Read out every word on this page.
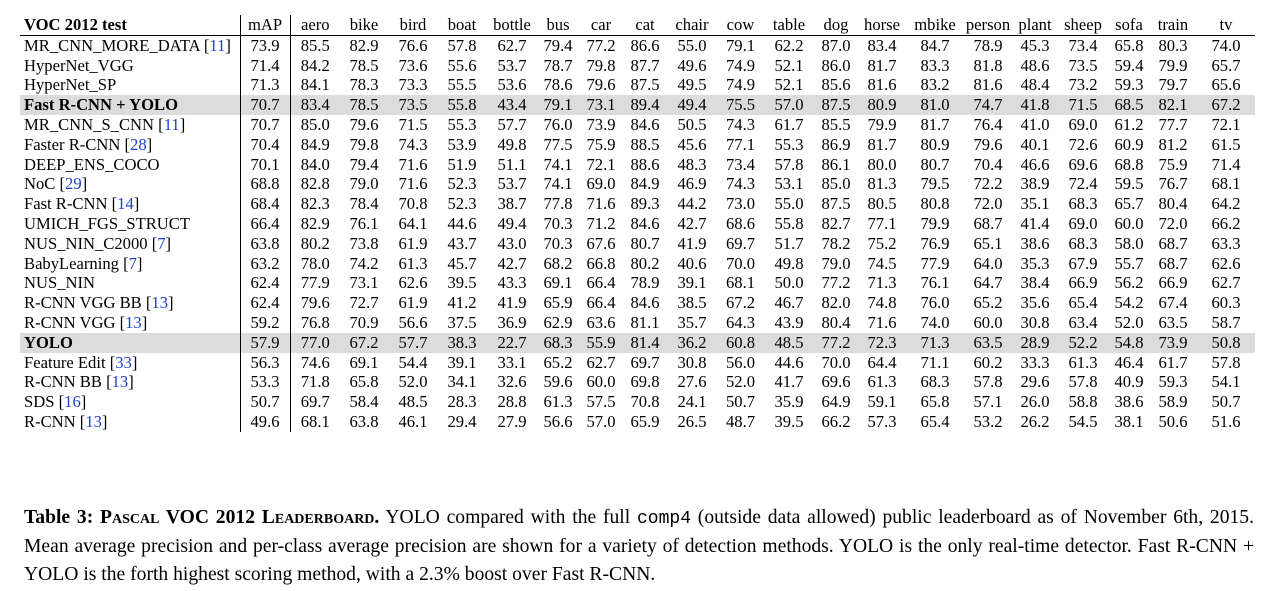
VOC 2012 test	mAP	aero	bike	bird	boat	bottle	bus	car	cat	chair	cow	table	dog	horse	mbike	person	plant	sheep	sofa	train	tv
MR_CNN_MORE_DATA [11]	73.9	85.5	82.9	76.6	57.8	62.7	79.4	77.2	86.6	55.0	79.1	62.2	87.0	83.4	84.7	78.9	45.3	73.4	65.8	80.3	74.0
HyperNet_VGG	71.4	84.2	78.5	73.6	55.6	53.7	78.7	79.8	87.7	49.6	74.9	52.1	86.0	81.7	83.3	81.8	48.6	73.5	59.4	79.9	65.7
HyperNet_SP	71.3	84.1	78.3	73.3	55.5	53.6	78.6	79.6	87.5	49.5	74.9	52.1	85.6	81.6	83.2	81.6	48.4	73.2	59.3	79.7	65.6
Fast R-CNN + YOLO	70.7	83.4	78.5	73.5	55.8	43.4	79.1	73.1	89.4	49.4	75.5	57.0	87.5	80.9	81.0	74.7	41.8	71.5	68.5	82.1	67.2
MR_CNN_S_CNN [11]	70.7	85.0	79.6	71.5	55.3	57.7	76.0	73.9	84.6	50.5	74.3	61.7	85.5	79.9	81.7	76.4	41.0	69.0	61.2	77.7	72.1
Faster R-CNN [28]	70.4	84.9	79.8	74.3	53.9	49.8	77.5	75.9	88.5	45.6	77.1	55.3	86.9	81.7	80.9	79.6	40.1	72.6	60.9	81.2	61.5
DEEP_ENS_COCO	70.1	84.0	79.4	71.6	51.9	51.1	74.1	72.1	88.6	48.3	73.4	57.8	86.1	80.0	80.7	70.4	46.6	69.6	68.8	75.9	71.4
NoC [29]	68.8	82.8	79.0	71.6	52.3	53.7	74.1	69.0	84.9	46.9	74.3	53.1	85.0	81.3	79.5	72.2	38.9	72.4	59.5	76.7	68.1
Fast R-CNN [14]	68.4	82.3	78.4	70.8	52.3	38.7	77.8	71.6	89.3	44.2	73.0	55.0	87.5	80.5	80.8	72.0	35.1	68.3	65.7	80.4	64.2
UMICH_FGS_STRUCT	66.4	82.9	76.1	64.1	44.6	49.4	70.3	71.2	84.6	42.7	68.6	55.8	82.7	77.1	79.9	68.7	41.4	69.0	60.0	72.0	66.2
NUS_NIN_C2000 [7]	63.8	80.2	73.8	61.9	43.7	43.0	70.3	67.6	80.7	41.9	69.7	51.7	78.2	75.2	76.9	65.1	38.6	68.3	58.0	68.7	63.3
BabyLearning [7]	63.2	78.0	74.2	61.3	45.7	42.7	68.2	66.8	80.2	40.6	70.0	49.8	79.0	74.5	77.9	64.0	35.3	67.9	55.7	68.7	62.6
NUS_NIN	62.4	77.9	73.1	62.6	39.5	43.3	69.1	66.4	78.9	39.1	68.1	50.0	77.2	71.3	76.1	64.7	38.4	66.9	56.2	66.9	62.7
R-CNN VGG BB [13]	62.4	79.6	72.7	61.9	41.2	41.9	65.9	66.4	84.6	38.5	67.2	46.7	82.0	74.8	76.0	65.2	35.6	65.4	54.2	67.4	60.3
R-CNN VGG [13]	59.2	76.8	70.9	56.6	37.5	36.9	62.9	63.6	81.1	35.7	64.3	43.9	80.4	71.6	74.0	60.0	30.8	63.4	52.0	63.5	58.7
YOLO	57.9	77.0	67.2	57.7	38.3	22.7	68.3	55.9	81.4	36.2	60.8	48.5	77.2	72.3	71.3	63.5	28.9	52.2	54.8	73.9	50.8
Feature Edit [33]	56.3	74.6	69.1	54.4	39.1	33.1	65.2	62.7	69.7	30.8	56.0	44.6	70.0	64.4	71.1	60.2	33.3	61.3	46.4	61.7	57.8
R-CNN BB [13]	53.3	71.8	65.8	52.0	34.1	32.6	59.6	60.0	69.8	27.6	52.0	41.7	69.6	61.3	68.3	57.8	29.6	57.8	40.9	59.3	54.1
SDS [16]	50.7	69.7	58.4	48.5	28.3	28.8	61.3	57.5	70.8	24.1	50.7	35.9	64.9	59.1	65.8	57.1	26.0	58.8	38.6	58.9	50.7
R-CNN [13]	49.6	68.1	63.8	46.1	29.4	27.9	56.6	57.0	65.9	26.5	48.7	39.5	66.2	57.3	65.4	53.2	26.2	54.5	38.1	50.6	51.6

Table 3: Pascal VOC 2012 Leaderboard. YOLO compared with the full comp4 (outside data allowed) public leaderboard as of November 6th, 2015. Mean average precision and per-class average precision are shown for a variety of detection methods. YOLO is the only real-time detector. Fast R-CNN + YOLO is the forth highest scoring method, with a 2.3% boost over Fast R-CNN.
